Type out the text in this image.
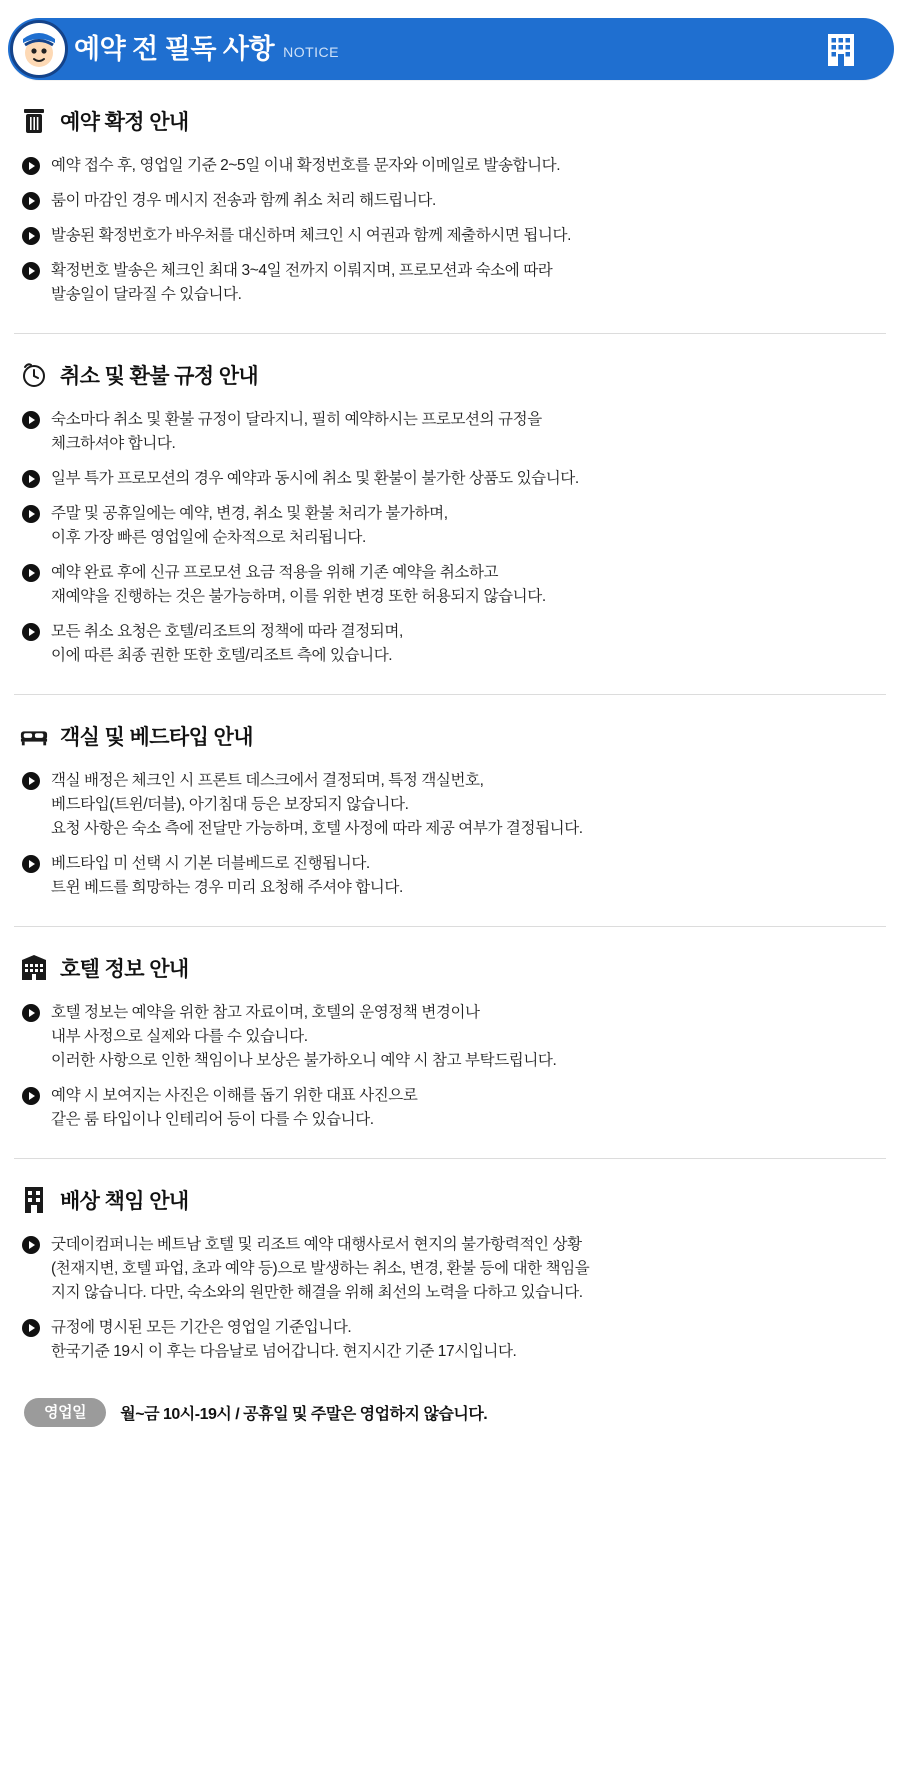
예약 전 필독 사항 NOTICE
예약 확정 안내
예약 접수 후, 영업일 기준 2~5일 이내 확정번호를 문자와 이메일로 발송합니다.
룸이 마감인 경우 메시지 전송과 함께 취소 처리 해드립니다.
발송된 확정번호가 바우처를 대신하며 체크인 시 여권과 함께 제출하시면 됩니다.
확정번호 발송은 체크인 최대 3~4일 전까지 이뤄지며, 프로모션과 숙소에 따라
발송일이 달라질 수 있습니다.
취소 및 환불 규정 안내
숙소마다 취소 및 환불 규정이 달라지니, 필히 예약하시는 프로모션의 규정을
체크하셔야 합니다.
일부 특가 프로모션의 경우 예약과 동시에 취소 및 환불이 불가한 상품도 있습니다.
주말 및 공휴일에는 예약, 변경, 취소 및 환불 처리가 불가하며,
이후 가장 빠른 영업일에 순차적으로 처리됩니다.
예약 완료 후에 신규 프로모션 요금 적용을 위해 기존 예약을 취소하고
재예약을 진행하는 것은 불가능하며, 이를 위한 변경 또한 허용되지 않습니다.
모든 취소 요청은 호텔/리조트의 정책에 따라 결정되며,
이에 따른 최종 권한 또한 호텔/리조트 측에 있습니다.
객실 및 베드타입 안내
객실 배정은 체크인 시 프론트 데스크에서 결정되며, 특정 객실번호,
베드타입(트윈/더블), 아기침대 등은 보장되지 않습니다.
요청 사항은 숙소 측에 전달만 가능하며, 호텔 사정에 따라 제공 여부가 결정됩니다.
베드타입 미 선택 시 기본 더블베드로 진행됩니다.
트윈 베드를 희망하는 경우 미리 요청해 주셔야 합니다.
호텔 정보 안내
호텔 정보는 예약을 위한 참고 자료이며, 호텔의 운영정책 변경이나
내부 사정으로 실제와 다를 수 있습니다.
이러한 사항으로 인한 책임이나 보상은 불가하오니 예약 시 참고 부탁드립니다.
예약 시 보여지는 사진은 이해를 돕기 위한 대표 사진으로
같은 룸 타입이나 인테리어 등이 다를 수 있습니다.
배상 책임 안내
굿데이컴퍼니는 베트남 호텔 및 리조트 예약 대행사로서 현지의 불가항력적인 상황
(천재지변, 호텔 파업, 초과 예약 등)으로 발생하는 취소, 변경, 환불 등에 대한 책임을
지지 않습니다. 다만, 숙소와의 원만한 해결을 위해 최선의 노력을 다하고 있습니다.
규정에 명시된 모든 기간은 영업일 기준입니다.
한국기준 19시 이 후는 다음날로 넘어갑니다. 현지시간 기준 17시입니다.
영업일	월~금 10시-19시 / 공휴일 및 주말은 영업하지 않습니다.
